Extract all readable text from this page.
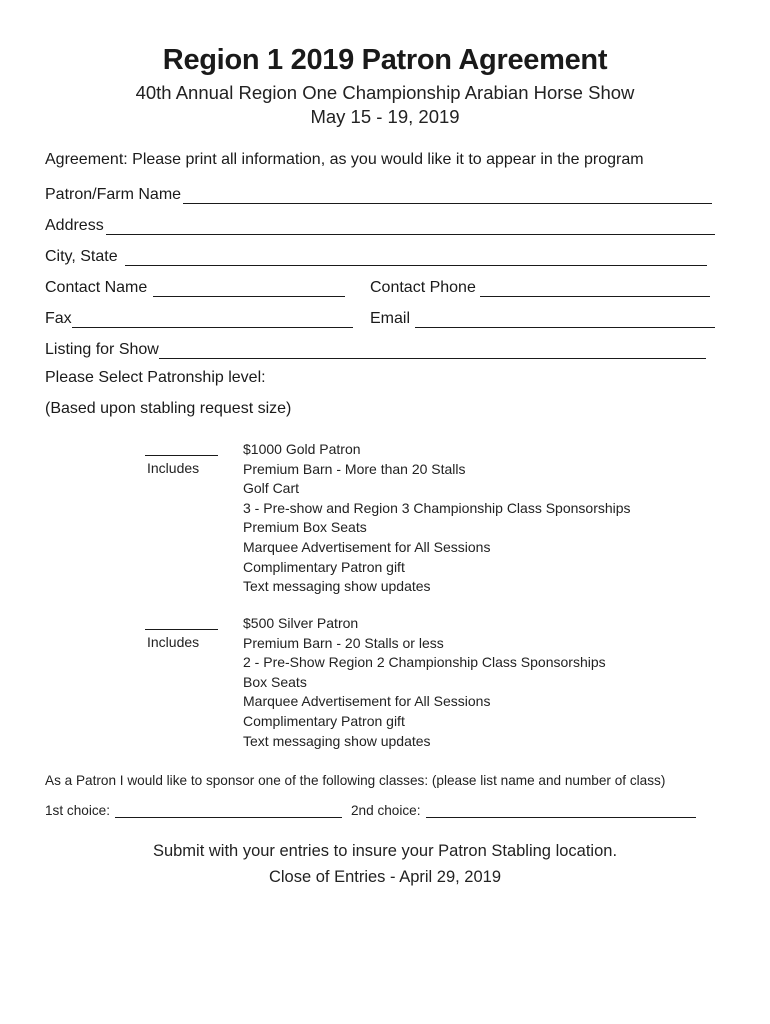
Region 1 2019 Patron Agreement
40th Annual Region One Championship Arabian Horse Show
May 15 - 19, 2019
Agreement: Please print all information, as you would like it to appear in the program
Patron/Farm Name
Address
City, State
Contact Name	Contact Phone
Fax	Email
Listing for Show
Please Select Patronship level:
(Based upon stabling request size)
Includes
$1000 Gold Patron
Premium Barn - More than 20 Stalls
Golf Cart
3 - Pre-show and Region 3 Championship Class Sponsorships
Premium Box Seats
Marquee Advertisement for All Sessions
Complimentary Patron gift
Text messaging show updates
Includes
$500 Silver Patron
Premium Barn - 20 Stalls or less
2 - Pre-Show Region 2 Championship Class Sponsorships
Box Seats
Marquee Advertisement for All Sessions
Complimentary Patron gift
Text messaging show updates
As a Patron I would like to sponsor one of the following classes: (please list name and number of class)
1st choice:	2nd choice:
Submit with your entries to insure your Patron Stabling location.
Close of Entries - April 29, 2019
